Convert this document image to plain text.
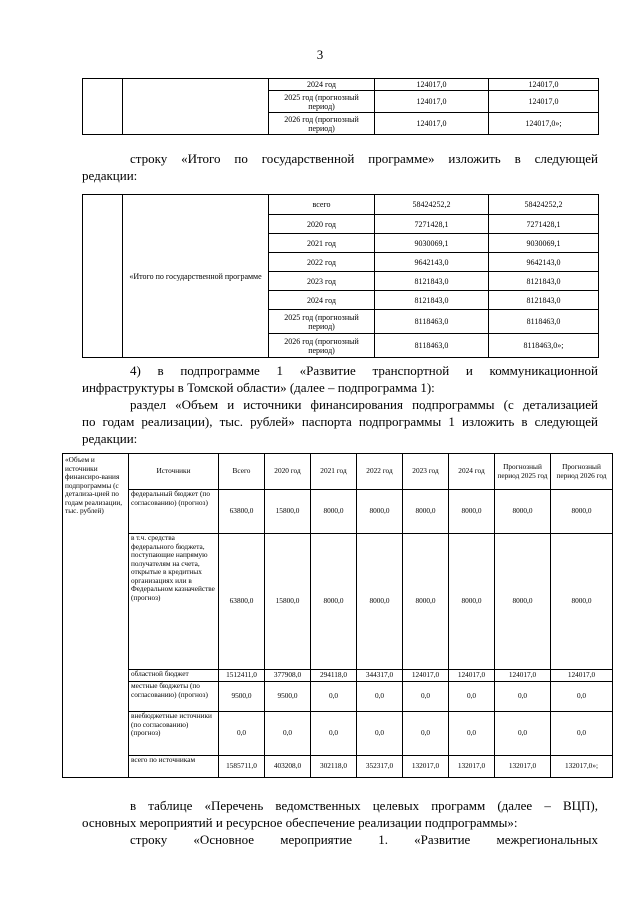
3
		2024 год	124017,0	124017,0
		2025 год (прогнозный период)	124017,0	124017,0
		2026 год (прогнозный период)	124017,0	124017,0»;
строку «Итого по государственной программе» изложить в следующей
редакции:
	«Итого по государственной программе	всего	58424252,2	58424252,2
		2020 год	7271428,1	7271428,1
		2021 год	9030069,1	9030069,1
		2022 год	9642143,0	9642143,0
		2023 год	8121843,0	8121843,0
		2024 год	8121843,0	8121843,0
		2025 год (прогнозный период)	8118463,0	8118463,0
		2026 год (прогнозный период)	8118463,0	8118463,0»;
4) в подпрограмме 1 «Развитие транспортной и коммуникационной
инфраструктуры в Томской области» (далее – подпрограмма 1):
раздел «Объем и источники финансирования подпрограммы (с детализацией
по годам реализации), тыс. рублей» паспорта подпрограммы 1 изложить в следующей
редакции:
«Объем и источники финансиро-вания подпрограммы (с детализа-цией по годам реализации, тыс. рублей)	Источники	Всего	2020 год	2021 год	2022 год	2023 год	2024 год	Прогнозный период 2025 год	Прогнозный период 2026 год
	федеральный бюджет (по согласованию) (прогноз)	63800,0	15800,0	8000,0	8000,0	8000,0	8000,0	8000,0	8000,0
	в т.ч. средства федерального бюджета, поступающие напрямую получателям на счета, открытые в кредитных организациях или в Федеральном казначействе (прогноз)	63800,0	15800,0	8000,0	8000,0	8000,0	8000,0	8000,0	8000,0
	областной бюджет	1512411,0	377908,0	294118,0	344317,0	124017,0	124017,0	124017,0	124017,0
	местные бюджеты (по согласованию) (прогноз)	9500,0	9500,0	0,0	0,0	0,0	0,0	0,0	0,0
	внебюджетные источники (по согласованию) (прогноз)	0,0	0,0	0,0	0,0	0,0	0,0	0,0	0,0
	всего по источникам	1585711,0	403208,0	302118,0	352317,0	132017,0	132017,0	132017,0	132017,0»;
в таблице «Перечень ведомственных целевых программ (далее – ВЦП),
основных мероприятий и ресурсное обеспечение реализации подпрограммы»:
строку «Основное мероприятие 1. «Развитие межрегиональных
